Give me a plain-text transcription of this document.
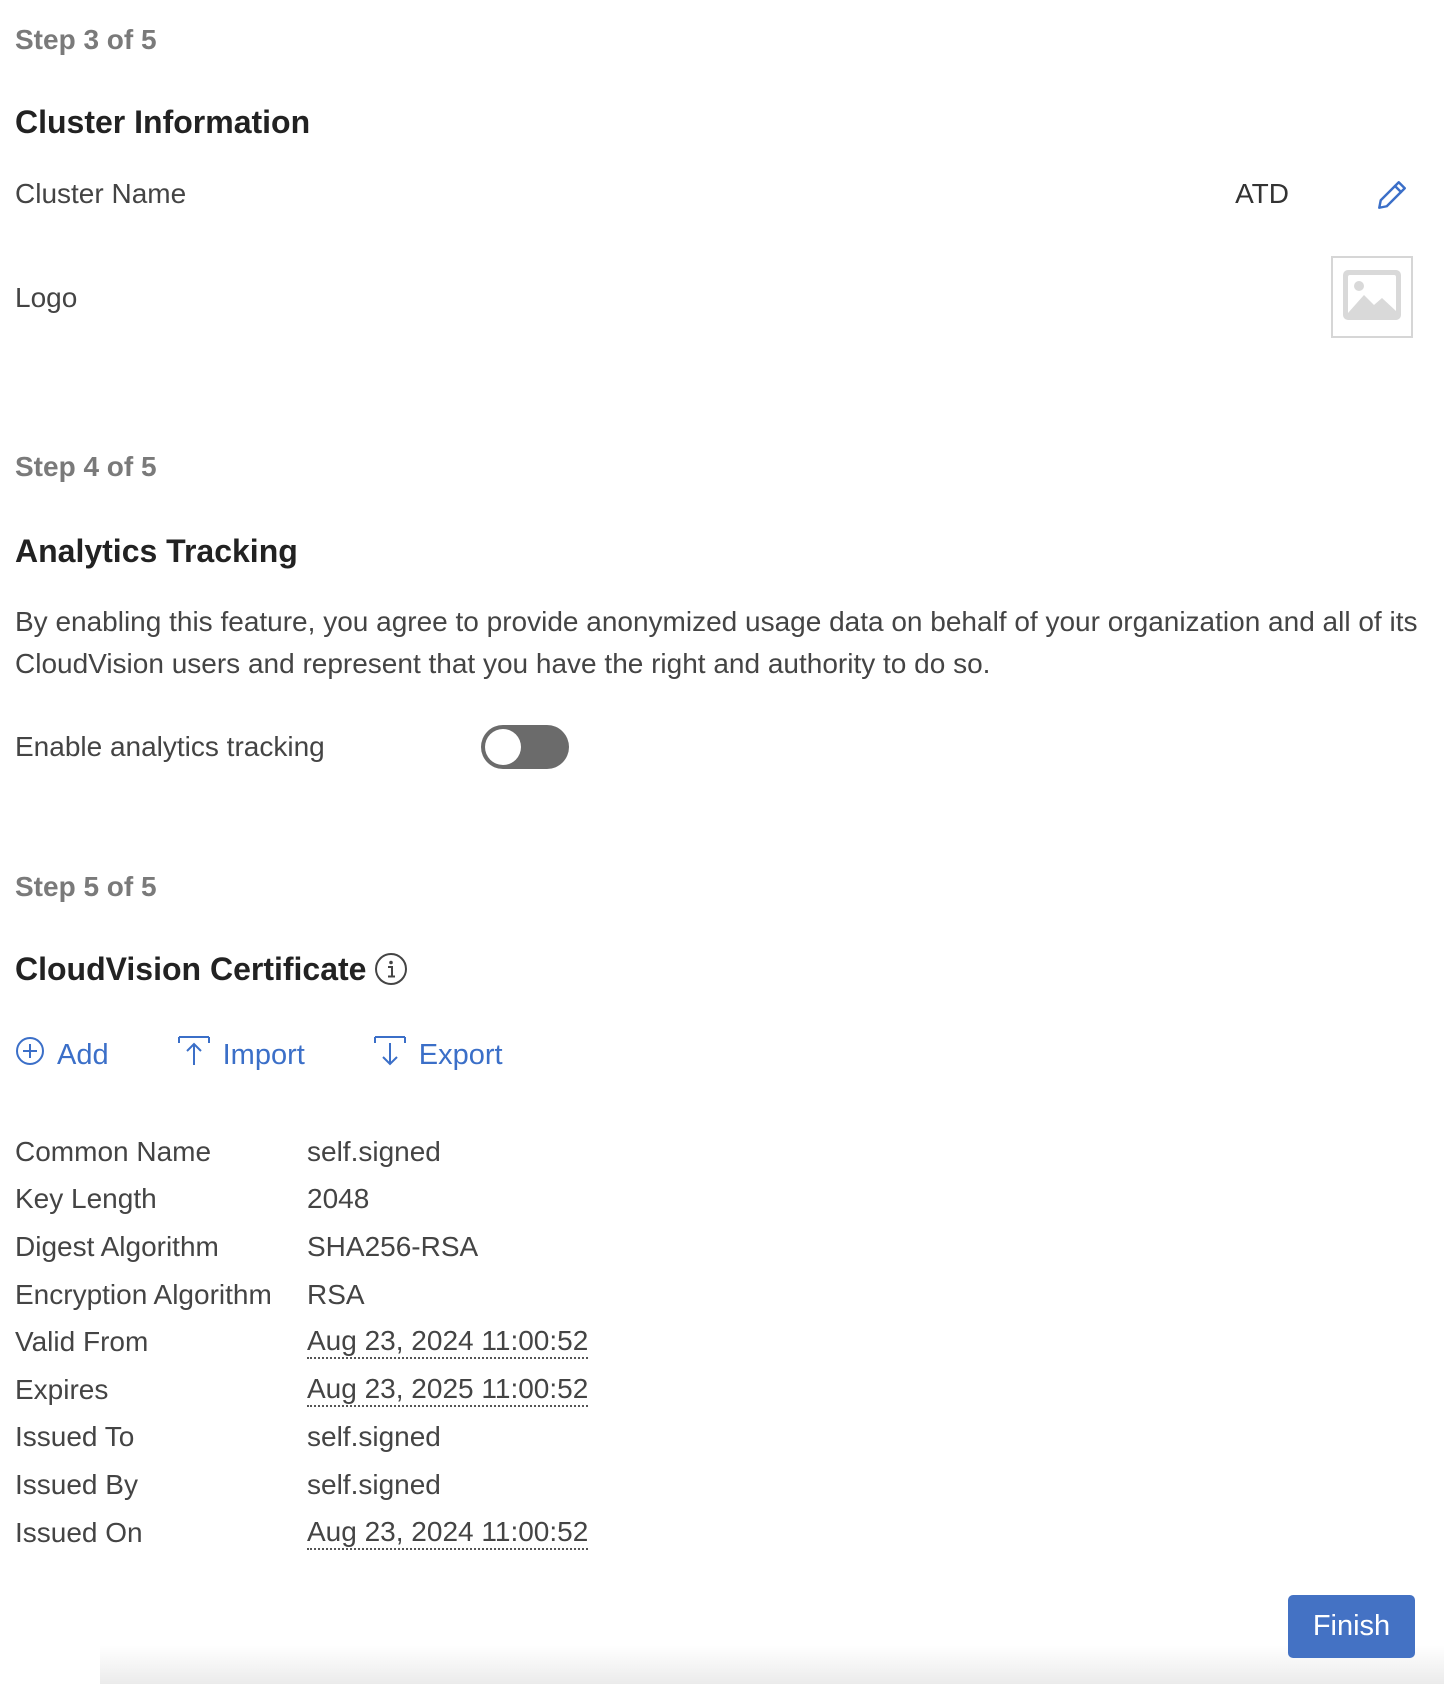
Step 3 of 5
Cluster Information
Cluster Name	ATD
Logo
Step 4 of 5
Analytics Tracking

By enabling this feature, you agree to provide anonymized usage data on behalf of your organization and all of its CloudVision users and represent that you have the right and authority to do so.

Enable analytics tracking
Step 5 of 5
CloudVision Certificate
Add	Import	Export
Common Name	self.signed
Key Length	2048
Digest Algorithm	SHA256-RSA
Encryption Algorithm	RSA
Valid From	Aug 23, 2024 11:00:52
Expires	Aug 23, 2025 11:00:52
Issued To	self.signed
Issued By	self.signed
Issued On	Aug 23, 2024 11:00:52
Finish
